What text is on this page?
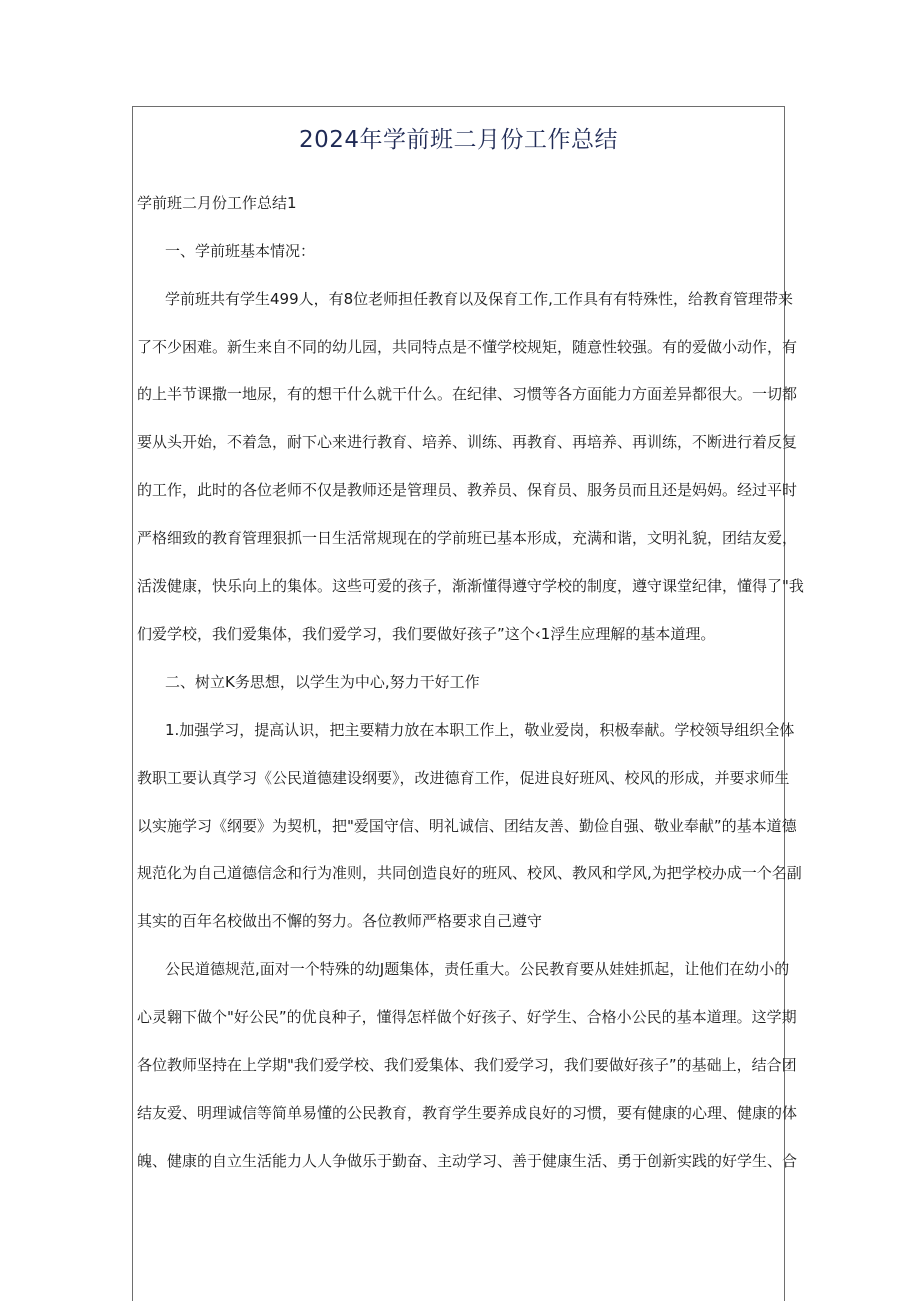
2024年学前班二月份工作总结
学前班二月份工作总结1
一、学前班基本情况：
学前班共有学生499人，有8位老师担任教育以及保育工作,工作具有有特殊性，给教育管理带来
了不少困难。新生来自不同的幼儿园，共同特点是不懂学校规矩，随意性较强。有的爱做小动作，有
的上半节课撒一地尿，有的想干什么就干什么。在纪律、习惯等各方面能力方面差异都很大。一切都
要从头开始，不着急，耐下心来进行教育、培养、训练、再教育、再培养、再训练，不断进行着反复
的工作，此时的各位老师不仅是教师还是管理员、教养员、保育员、服务员而且还是妈妈。经过平时
严格细致的教育管理狠抓一日生活常规现在的学前班已基本形成，充满和谐，文明礼貌，团结友爱，
活泼健康，快乐向上的集体。这些可爱的孩子，渐渐懂得遵守学校的制度，遵守课堂纪律，懂得了"我
们爱学校，我们爱集体，我们爱学习，我们要做好孩子”这个‹1浮生应理解的基本道理。
二、树立K务思想，以学生为中心,努力干好工作
1.加强学习，提高认识，把主要精力放在本职工作上，敬业爱岗，积极奉献。学校领导组织全体
教职工要认真学习《公民道德建设纲要》，改进德育工作，促进良好班风、校风的形成，并要求师生
以实施学习《纲要》为契机，把"爱国守信、明礼诚信、团结友善、勤俭自强、敬业奉献”的基本道德
规范化为自己道德信念和行为准则，共同创造良好的班风、校风、教风和学风,为把学校办成一个名副
其实的百年名校做出不懈的努力。各位教师严格要求自己遵守
公民道德规范,面对一个特殊的幼J题集体，责任重大。公民教育要从娃娃抓起，让他们在幼小的
心灵翱下做个"好公民”的优良种子，懂得怎样做个好孩子、好学生、合格小公民的基本道理。这学期
各位教师坚持在上学期"我们爱学校、我们爱集体、我们爱学习，我们要做好孩子”的基础上，结合团
结友爱、明理诚信等简单易懂的公民教育，教育学生要养成良好的习惯，要有健康的心理、健康的体
魄、健康的自立生活能力人人争做乐于勤奋、主动学习、善于健康生活、勇于创新实践的好学生、合
